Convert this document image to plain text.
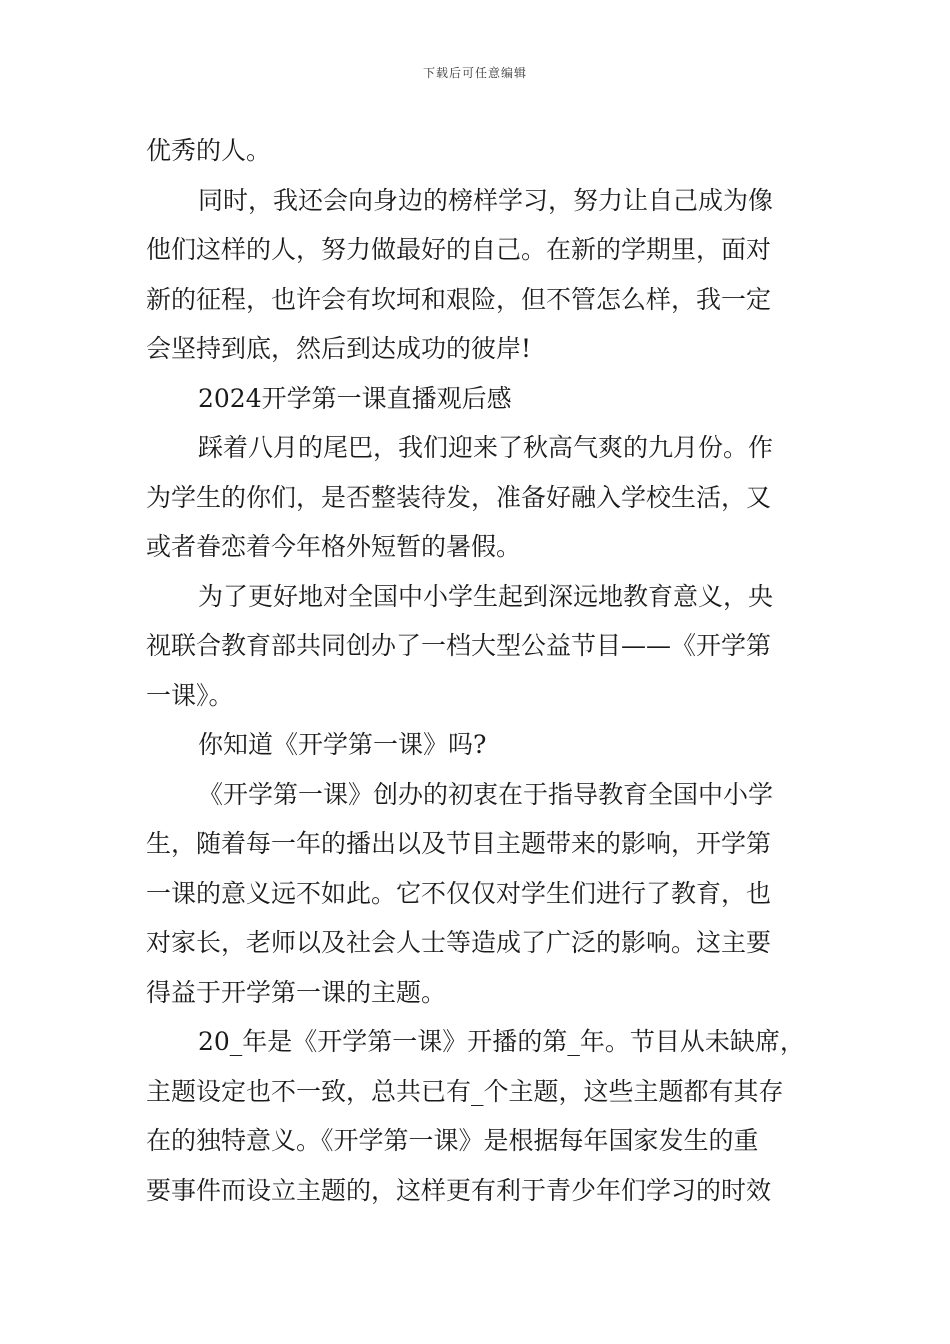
下载后可任意编辑
优秀的人。
同时，我还会向身边的榜样学习，努力让自己成为像
他们这样的人，努力做最好的自己。在新的学期里，面对
新的征程，也许会有坎坷和艰险，但不管怎么样，我一定
会坚持到底，然后到达成功的彼岸!
2024开学第一课直播观后感
踩着八月的尾巴，我们迎来了秋高气爽的九月份。作
为学生的你们，是否整装待发，准备好融入学校生活，又
或者眷恋着今年格外短暂的暑假。
为了更好地对全国中小学生起到深远地教育意义，央
视联合教育部共同创办了一档大型公益节目——《开学第
一课》。
你知道《开学第一课》吗?
《开学第一课》创办的初衷在于指导教育全国中小学
生，随着每一年的播出以及节目主题带来的影响，开学第
一课的意义远不如此。它不仅仅对学生们进行了教育，也
对家长，老师以及社会人士等造成了广泛的影响。这主要
得益于开学第一课的主题。
20_年是《开学第一课》开播的第_年。节目从未缺席，
主题设定也不一致，总共已有_个主题，这些主题都有其存
在的独特意义。《开学第一课》是根据每年国家发生的重
要事件而设立主题的，这样更有利于青少年们学习的时效
